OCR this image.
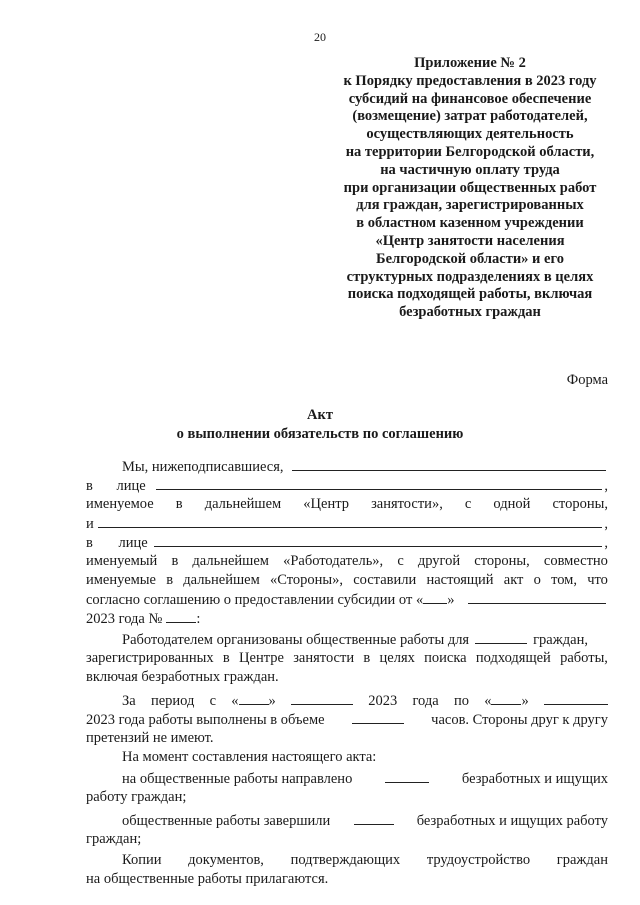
20
Приложение № 2
к Порядку предоставления в 2023 году
субсидий на финансовое обеспечение
(возмещение) затрат работодателей,
осуществляющих деятельность
на территории Белгородской области,
на частичную оплату труда
при организации общественных работ
для граждан, зарегистрированных
в областном казенном учреждении
«Центр занятости населения
Белгородской области» и его
структурных подразделениях в целях
поиска подходящей работы, включая
безработных граждан
Форма
Акт
о выполнении обязательств по соглашению
Мы, нижеподписавшиеся,
в лице	,
именуемое в дальнейшем «Центр занятости», с одной стороны,
и	,
в лице	,
именуемый в дальнейшем «Работодатель», с другой стороны, совместно
именуемые в дальнейшем «Стороны», составили настоящий акт о том, что
согласно соглашению о предоставлении субсидии от « »
2023 года № :
Работодателем организованы общественные работы для	граждан,
зарегистрированных в Центре занятости в целях поиска подходящей работы,
включая безработных граждан.
За период с « »	2023 года по « »
2023 года работы выполнены в объеме	часов. Стороны друг к другу
претензий не имеют.
На момент составления настоящего акта:
на общественные работы направлено	безработных и ищущих
работу граждан;
общественные работы завершили	безработных и ищущих работу
граждан;
Копии документов, подтверждающих трудоустройство граждан
на общественные работы прилагаются.
